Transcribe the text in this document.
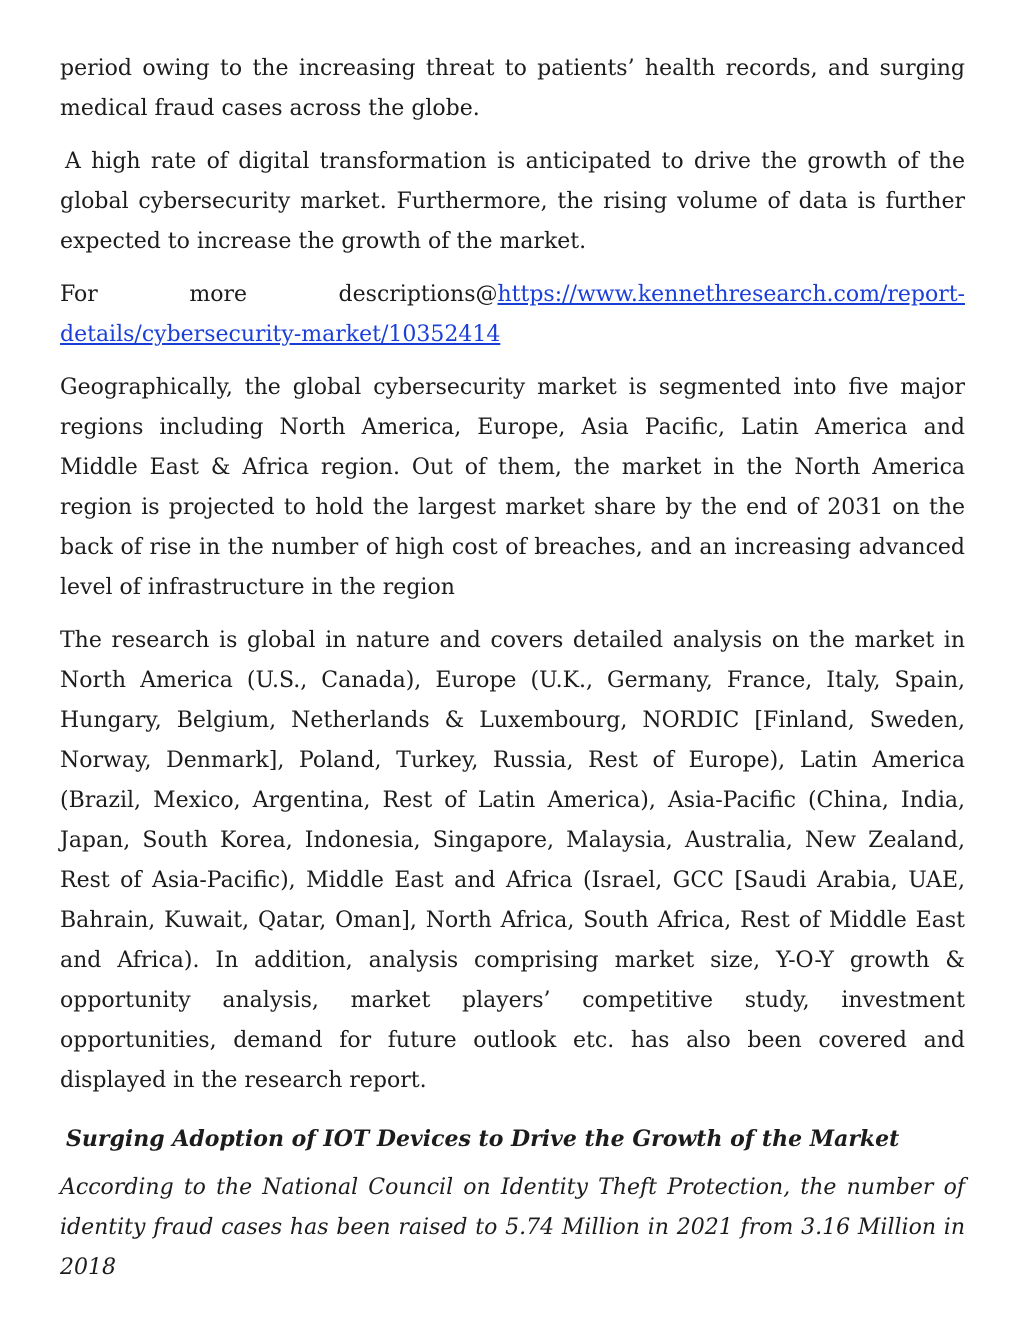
period owing to the increasing threat to patients’ health records, and surging medical fraud cases across the globe.

A high rate of digital transformation is anticipated to drive the growth of the global cybersecurity market. Furthermore, the rising volume of data is further expected to increase the growth of the market.

For	more	descriptions@https://www.kennethresearch.com/report-
details/cybersecurity-market/10352414

Geographically, the global cybersecurity market is segmented into five major regions including North America, Europe, Asia Pacific, Latin America and Middle East & Africa region. Out of them, the market in the North America region is projected to hold the largest market share by the end of 2031 on the back of rise in the number of high cost of breaches, and an increasing advanced level of infrastructure in the region

The research is global in nature and covers detailed analysis on the market in North America (U.S., Canada), Europe (U.K., Germany, France, Italy, Spain, Hungary, Belgium, Netherlands & Luxembourg, NORDIC [Finland, Sweden, Norway, Denmark], Poland, Turkey, Russia, Rest of Europe), Latin America (Brazil, Mexico, Argentina, Rest of Latin America), Asia-Pacific (China, India, Japan, South Korea, Indonesia, Singapore, Malaysia, Australia, New Zealand, Rest of Asia-Pacific), Middle East and Africa (Israel, GCC [Saudi Arabia, UAE, Bahrain, Kuwait, Qatar, Oman], North Africa, South Africa, Rest of Middle East and Africa). In addition, analysis comprising market size, Y-O-Y growth & opportunity analysis, market players’ competitive study, investment opportunities, demand for future outlook etc. has also been covered and displayed in the research report.

Surging Adoption of IOT Devices to Drive the Growth of the Market

According to the National Council on Identity Theft Protection, the number of identity fraud cases has been raised to 5.74 Million in 2021 from 3.16 Million in 2018
